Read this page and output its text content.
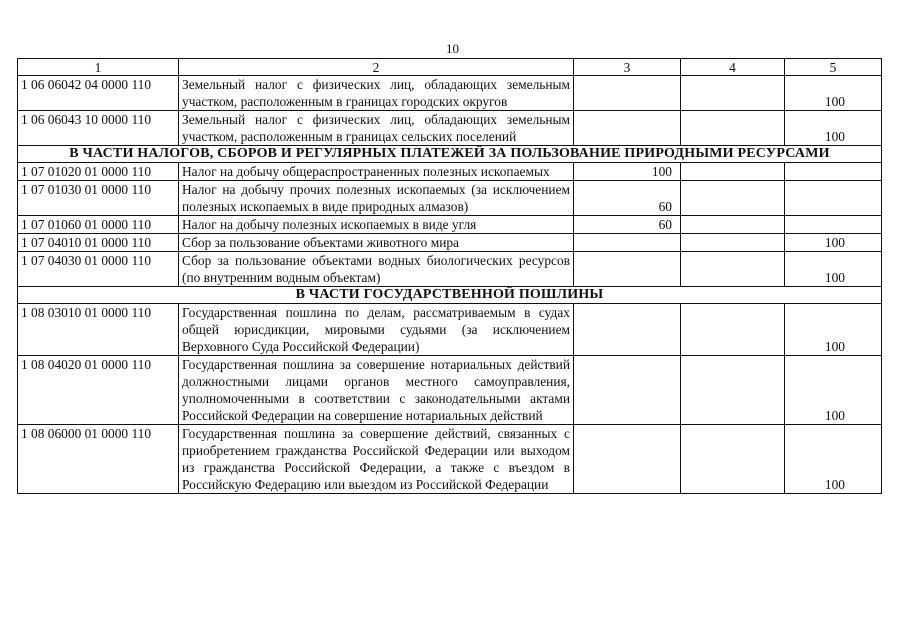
10
1	2	3	4	5
1 06 06042 04 0000 110	Земельный налог с физических лиц, обладающих земельным участком, расположенным в границах городских округов			100
1 06 06043 10 0000 110	Земельный налог с физических лиц, обладающих земельным участком, расположенным в границах сельских поселений			100
В ЧАСТИ НАЛОГОВ, СБОРОВ И РЕГУЛЯРНЫХ ПЛАТЕЖЕЙ ЗА ПОЛЬЗОВАНИЕ ПРИРОДНЫМИ РЕСУРСАМИ				
1 07 01020 01 0000 110	Налог на добычу общераспространенных полезных ископаемых	100		
1 07 01030 01 0000 110	Налог на добычу прочих полезных ископаемых (за исключением полезных ископаемых в виде природных алмазов)	60		
1 07 01060 01 0000 110	Налог на добычу полезных ископаемых в виде угля	60		
1 07 04010 01 0000 110	Сбор за пользование объектами животного мира			100
1 07 04030 01 0000 110	Сбор за пользование объектами водных биологических ресурсов (по внутренним водным объектам)			100
В ЧАСТИ ГОСУДАРСТВЕННОЙ ПОШЛИНЫ				
1 08 03010 01 0000 110	Государственная пошлина по делам, рассматриваемым в судах общей юрисдикции, мировыми судьями (за исключением Верховного Суда Российской Федерации)			100
1 08 04020 01 0000 110	Государственная пошлина за совершение нотариальных действий должностными лицами органов местного самоуправления, уполномоченными в соответствии с законодательными актами Российской Федерации на совершение нотариальных действий			100
1 08 06000 01 0000 110	Государственная пошлина за совершение действий, связанных с приобретением гражданства Российской Федерации или выходом из гражданства Российской Федерации, а также с въездом в Российскую Федерацию или выездом из Российской Федерации			100
